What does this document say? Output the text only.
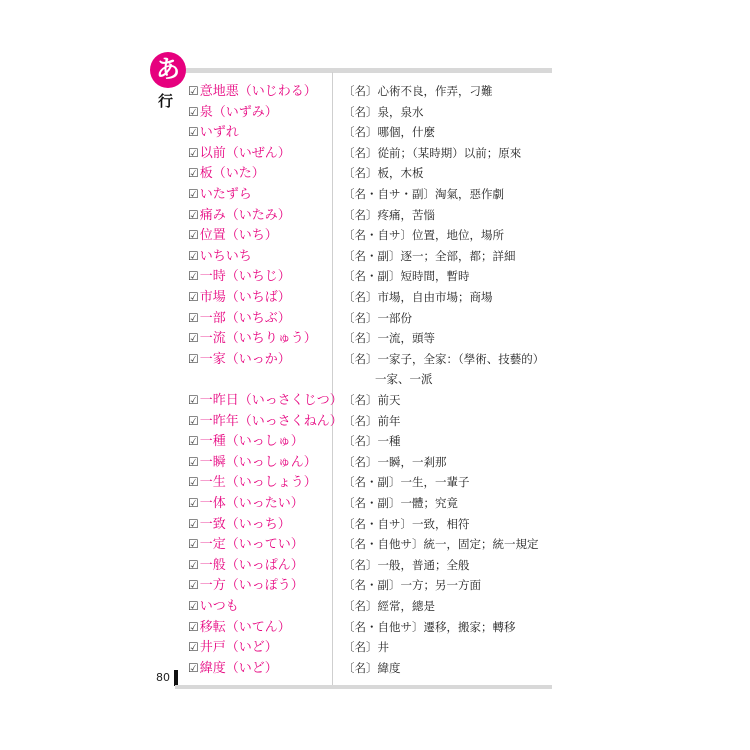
あ
行
☑意地悪（いじわる） 〔名〕心術不良，作弄，刁難
☑泉（いずみ）	〔名〕泉，泉水
☑いずれ	〔名〕哪個，什麼
☑以前（いぜん）	〔名〕從前；（某時期）以前；原來
☑板（いた）	〔名〕板，木板
☑いたずら	〔名・自サ・副〕淘氣，惡作劇
☑痛み（いたみ）	〔名〕疼痛，苦惱
☑位置（いち）	〔名・自サ〕位置，地位，場所
☑いちいち	〔名・副〕逐一；全部，都；詳細
☑一時（いちじ）	〔名・副〕短時間，暫時
☑市場（いちば）	〔名〕市場，自由市場；商場
☑一部（いちぶ）	〔名〕一部份
☑一流（いちりゅう） 〔名〕一流，頭等
☑一家（いっか）	〔名〕一家子，全家：（學術、技藝的）
一家、一派
☑一昨日（いっさくじつ） 〔名〕前天
☑一昨年（いっさくねん） 〔名〕前年
☑一種（いっしゅ）	〔名〕一種
☑一瞬（いっしゅん） 〔名〕一瞬，一剎那
☑一生（いっしょう） 〔名・副〕一生，一輩子
☑一体（いったい）	〔名・副〕一體；究竟
☑一致（いっち）	〔名・自サ〕一致，相符
☑一定（いってい）	〔名・自他サ〕統一，固定；統一規定
☑一般（いっぱん）	〔名〕一般，普通；全般
☑一方（いっぽう）	〔名・副〕一方；另一方面
☑いつも	〔名〕經常，總是
☑移転（いてん）	〔名・自他サ〕遷移，搬家；轉移
☑井戸（いど）	〔名〕井
☑緯度（いど）	〔名〕緯度
80
